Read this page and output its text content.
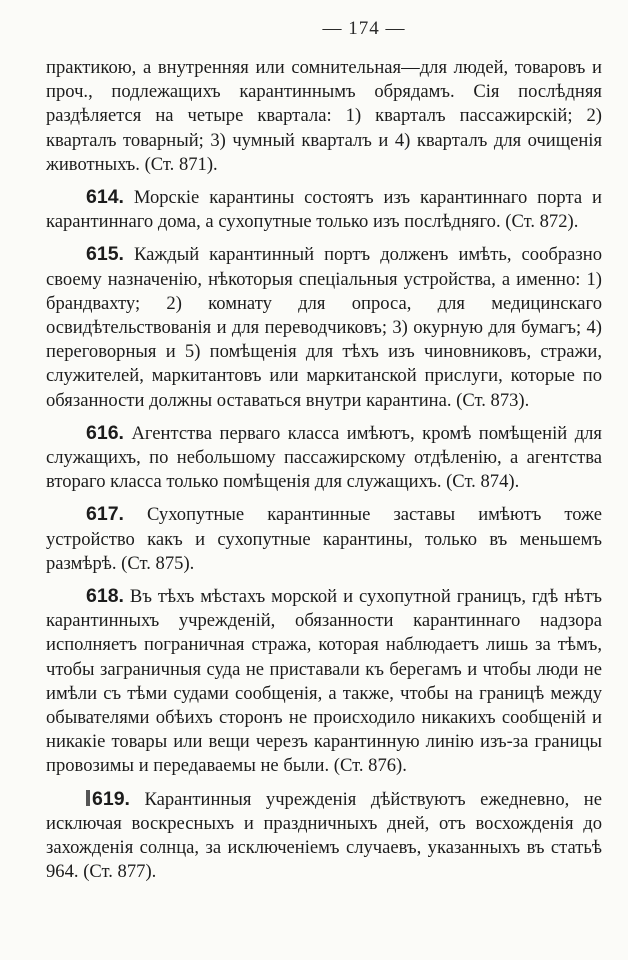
— 174 —

практикою, а внутренняя или сомнительная—для людей, товаровъ и проч., подлежащихъ карантиннымъ обрядамъ. Сія послѣдняя раздѣляется на четыре квартала: 1) кварталъ пассажирскій; 2) кварталъ товарный; 3) чумный кварталъ и 4) кварталъ для очищенія животныхъ. (Ст. 871).

614. Морскіе карантины состоятъ изъ карантиннаго порта и карантиннаго дома, а сухопутные только изъ послѣдняго. (Ст. 872).

615. Каждый карантинный портъ долженъ имѣть, сообразно своему назначенію, нѣкоторыя спеціальныя устройства, а именно: 1) брандвахту; 2) комнату для опроса, для медицинскаго освидѣтельствованія и для переводчиковъ; 3) окурную для бумагъ; 4) переговорныя и 5) помѣщенія для тѣхъ изъ чиновниковъ, стражи, служителей, маркитантовъ или маркитанской прислуги, которые по обязанности должны оставаться внутри карантина. (Ст. 873).

616. Агентства перваго класса имѣютъ, кромѣ помѣщеній для служащихъ, по небольшому пассажирскому отдѣленію, а агентства втораго класса только помѣщенія для служащихъ. (Ст. 874).

617. Сухопутные карантинные заставы имѣютъ тоже устройство какъ и сухопутные карантины, только въ меньшемъ размѣрѣ. (Ст. 875).

618. Въ тѣхъ мѣстахъ морской и сухопутной границъ, гдѣ нѣтъ карантинныхъ учрежденій, обязанности карантиннаго надзора исполняетъ пограничная стража, которая наблюдаетъ лишь за тѣмъ, чтобы заграничныя суда не приставали къ берегамъ и чтобы люди не имѣли съ тѣми судами сообщенія, а также, чтобы на границѣ между обывателями обѣихъ сторонъ не происходило никакихъ сообщеній и никакіе товары или вещи черезъ карантинную линію изъ-за границы провозимы и передаваемы не были. (Ст. 876).

619. Карантинныя учрежденія дѣйствуютъ ежедневно, не исключая воскресныхъ и праздничныхъ дней, отъ восхожденія до захожденія солнца, за исключеніемъ случаевъ, указанныхъ въ статьѣ 964. (Ст. 877).
